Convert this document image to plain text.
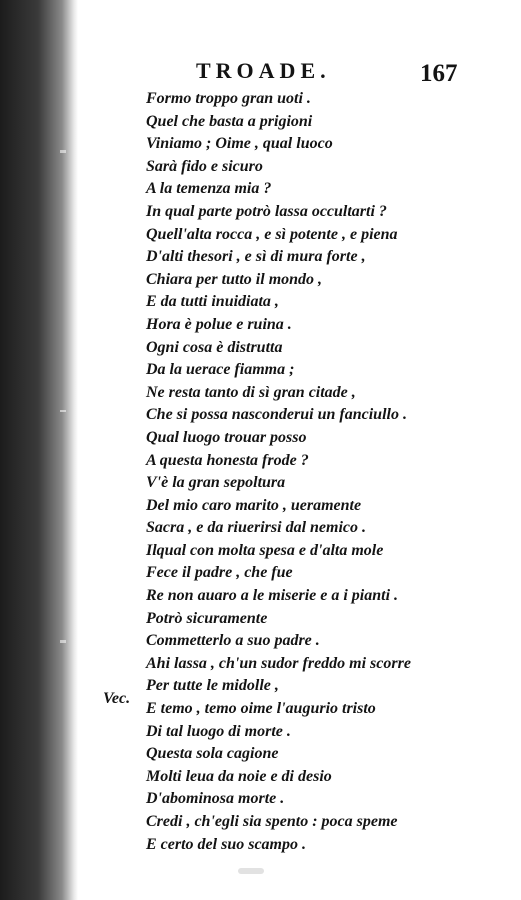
TROADE.	167
Formo troppo gran uoti .
Quel che basta a prigioni
Viniamo ; Oime , qual luoco
Sarà fido e sicuro
A la temenza mia ?
In qual parte potrò lassa occultarti ?
Quell'alta rocca , e sì potente , e piena
D'alti thesori , e sì di mura forte ,
Chiara per tutto il mondo ,
E da tutti inuidiata ,
Hora è polue e ruina .
Ogni cosa è distrutta
Da la uerace fiamma ;
Ne resta tanto di sì gran citade ,
Che si possa nasconderui un fanciullo .
Qual luogo trouar posso
A questa honesta frode ?
V'è la gran sepoltura
Del mio caro marito , ueramente
Sacra , e da riuerirsi dal nemico .
Ilqual con molta spesa e d'alta mole
Fece il padre , che fue
Re non auaro a le miserie e a i pianti .
Potrò sicuramente
Commetterlo a suo padre .
Ahi lassa , ch'un sudor freddo mi scorre
Per tutte le midolle ,
E temo , temo oime l'augurio tristo
Di tal luogo di morte .
Questa sola cagione
Molti leua da noie e di desio
D'abominosa morte .
Credi , ch'egli sia spento : poca speme
E certo del suo scampo .
Vec.
